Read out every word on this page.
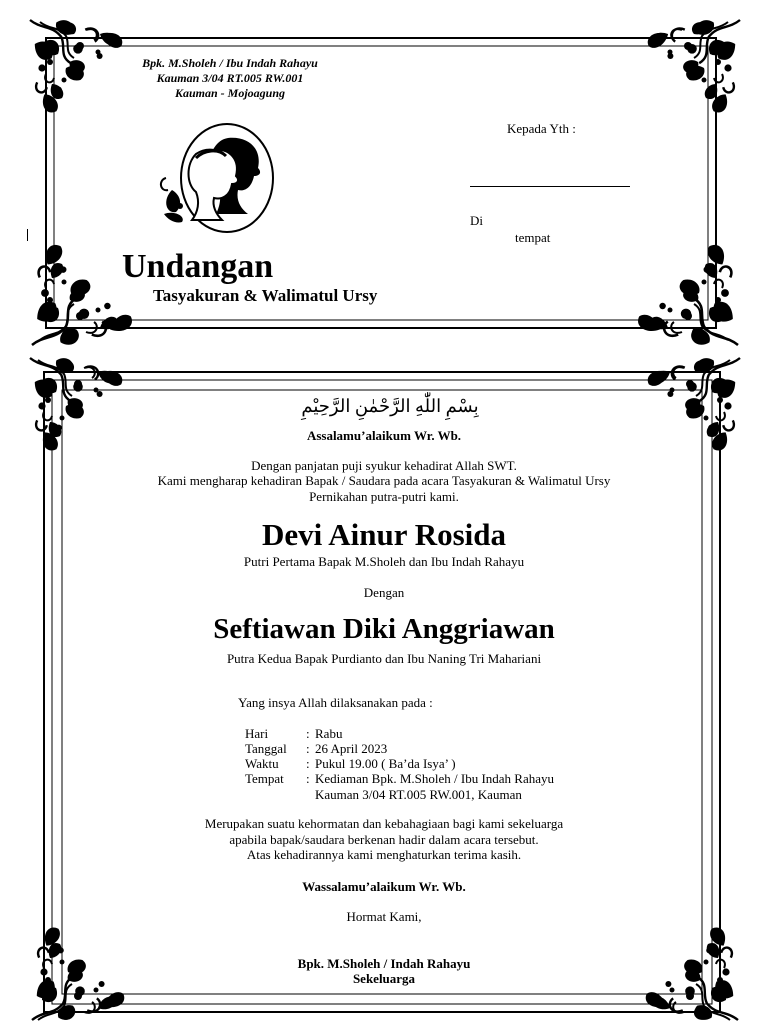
Bpk. M.Sholeh / Ibu Indah Rahayu
Kauman 3/04 RT.005 RW.001
Kauman - Mojoagung
Kepada Yth :
Di
tempat
Undangan
Tasyakuran & Walimatul Ursy
بِسْمِ اللّٰهِ الرَّحْمٰنِ الرَّحِيْمِ
Assalamu’alaikum Wr. Wb.
Dengan panjatan puji syukur kehadirat Allah SWT.
Kami mengharap kehadiran Bapak / Saudara pada acara Tasyakuran & Walimatul Ursy
Pernikahan putra-putri kami.
Devi Ainur Rosida
Putri Pertama Bapak M.Sholeh dan Ibu Indah Rahayu
Dengan
Seftiawan Diki Anggriawan
Putra Kedua Bapak Purdianto dan Ibu Naning Tri Mahariani
Yang insya Allah dilaksanakan pada :
Hari	: Rabu
Tanggal : 26 April 2023
Waktu : Pukul 19.00 ( Ba’da Isya’ )
Tempat : Kediaman Bpk. M.Sholeh / Ibu Indah Rahayu
Kauman 3/04 RT.005 RW.001, Kauman
Merupakan suatu kehormatan dan kebahagiaan bagi kami sekeluarga
apabila bapak/saudara berkenan hadir dalam acara tersebut.
Atas kehadirannya kami menghaturkan terima kasih.
Wassalamu’alaikum Wr. Wb.
Hormat Kami,
Bpk. M.Sholeh / Indah Rahayu
Sekeluarga
